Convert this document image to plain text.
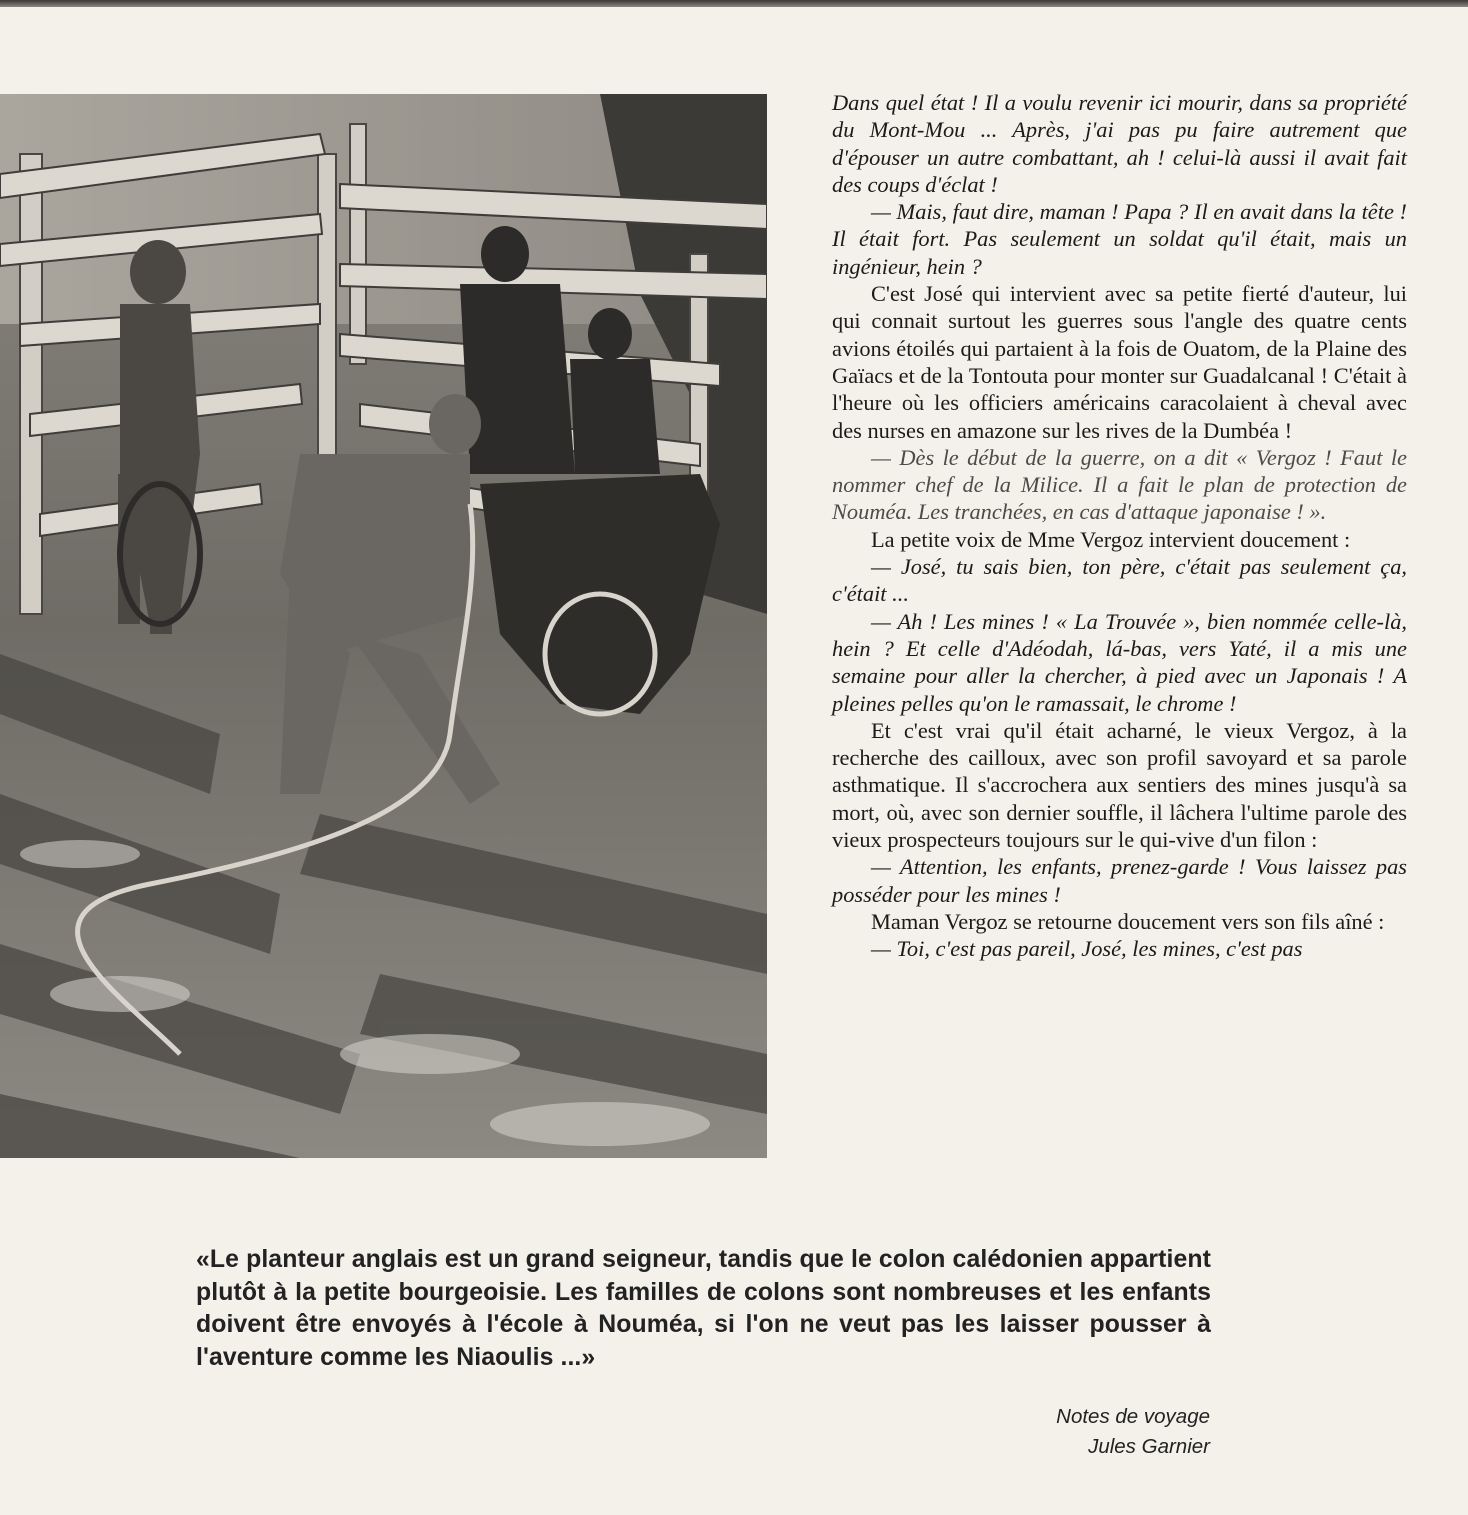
Dans quel état ! Il a voulu revenir ici mourir, dans sa propriété du Mont-Mou ... Après, j'ai pas pu faire autrement que d'épouser un autre combattant, ah ! celui-là aussi il avait fait des coups d'éclat !

— Mais, faut dire, maman ! Papa ? Il en avait dans la tête ! Il était fort. Pas seulement un soldat qu'il était, mais un ingénieur, hein ?

C'est José qui intervient avec sa petite fierté d'auteur, lui qui connait surtout les guerres sous l'angle des quatre cents avions étoilés qui partaient à la fois de Ouatom, de la Plaine des Gaïacs et de la Tontouta pour monter sur Guadalcanal ! C'était à l'heure où les officiers américains caracolaient à cheval avec des nurses en amazone sur les rives de la Dumbéa !

— Dès le début de la guerre, on a dit « Vergoz ! Faut le nommer chef de la Milice. Il a fait le plan de protection de Nouméa. Les tranchées, en cas d'attaque japonaise ! ».

La petite voix de Mme Vergoz intervient doucement :

— José, tu sais bien, ton père, c'était pas seulement ça, c'était ...

— Ah ! Les mines ! « La Trouvée », bien nommée celle-là, hein ? Et celle d'Adéodah, lá-bas, vers Yaté, il a mis une semaine pour aller la chercher, à pied avec un Japonais ! A pleines pelles qu'on le ramassait, le chrome !

Et c'est vrai qu'il était acharné, le vieux Vergoz, à la recherche des cailloux, avec son profil savoyard et sa parole asthmatique. Il s'accrochera aux sentiers des mines jusqu'à sa mort, où, avec son dernier souffle, il lâchera l'ultime parole des vieux prospecteurs toujours sur le qui-vive d'un filon :

— Attention, les enfants, prenez-garde ! Vous laissez pas posséder pour les mines !

Maman Vergoz se retourne doucement vers son fils aîné :

— Toi, c'est pas pareil, José, les mines, c'est pas

«Le planteur anglais est un grand seigneur, tandis que le colon calédonien appartient plutôt à la petite bourgeoisie. Les familles de colons sont nombreuses et les enfants doivent être envoyés à l'école à Nouméa, si l'on ne veut pas les laisser pousser à l'aventure comme les Niaoulis ...»
Notes de voyage
Jules Garnier
